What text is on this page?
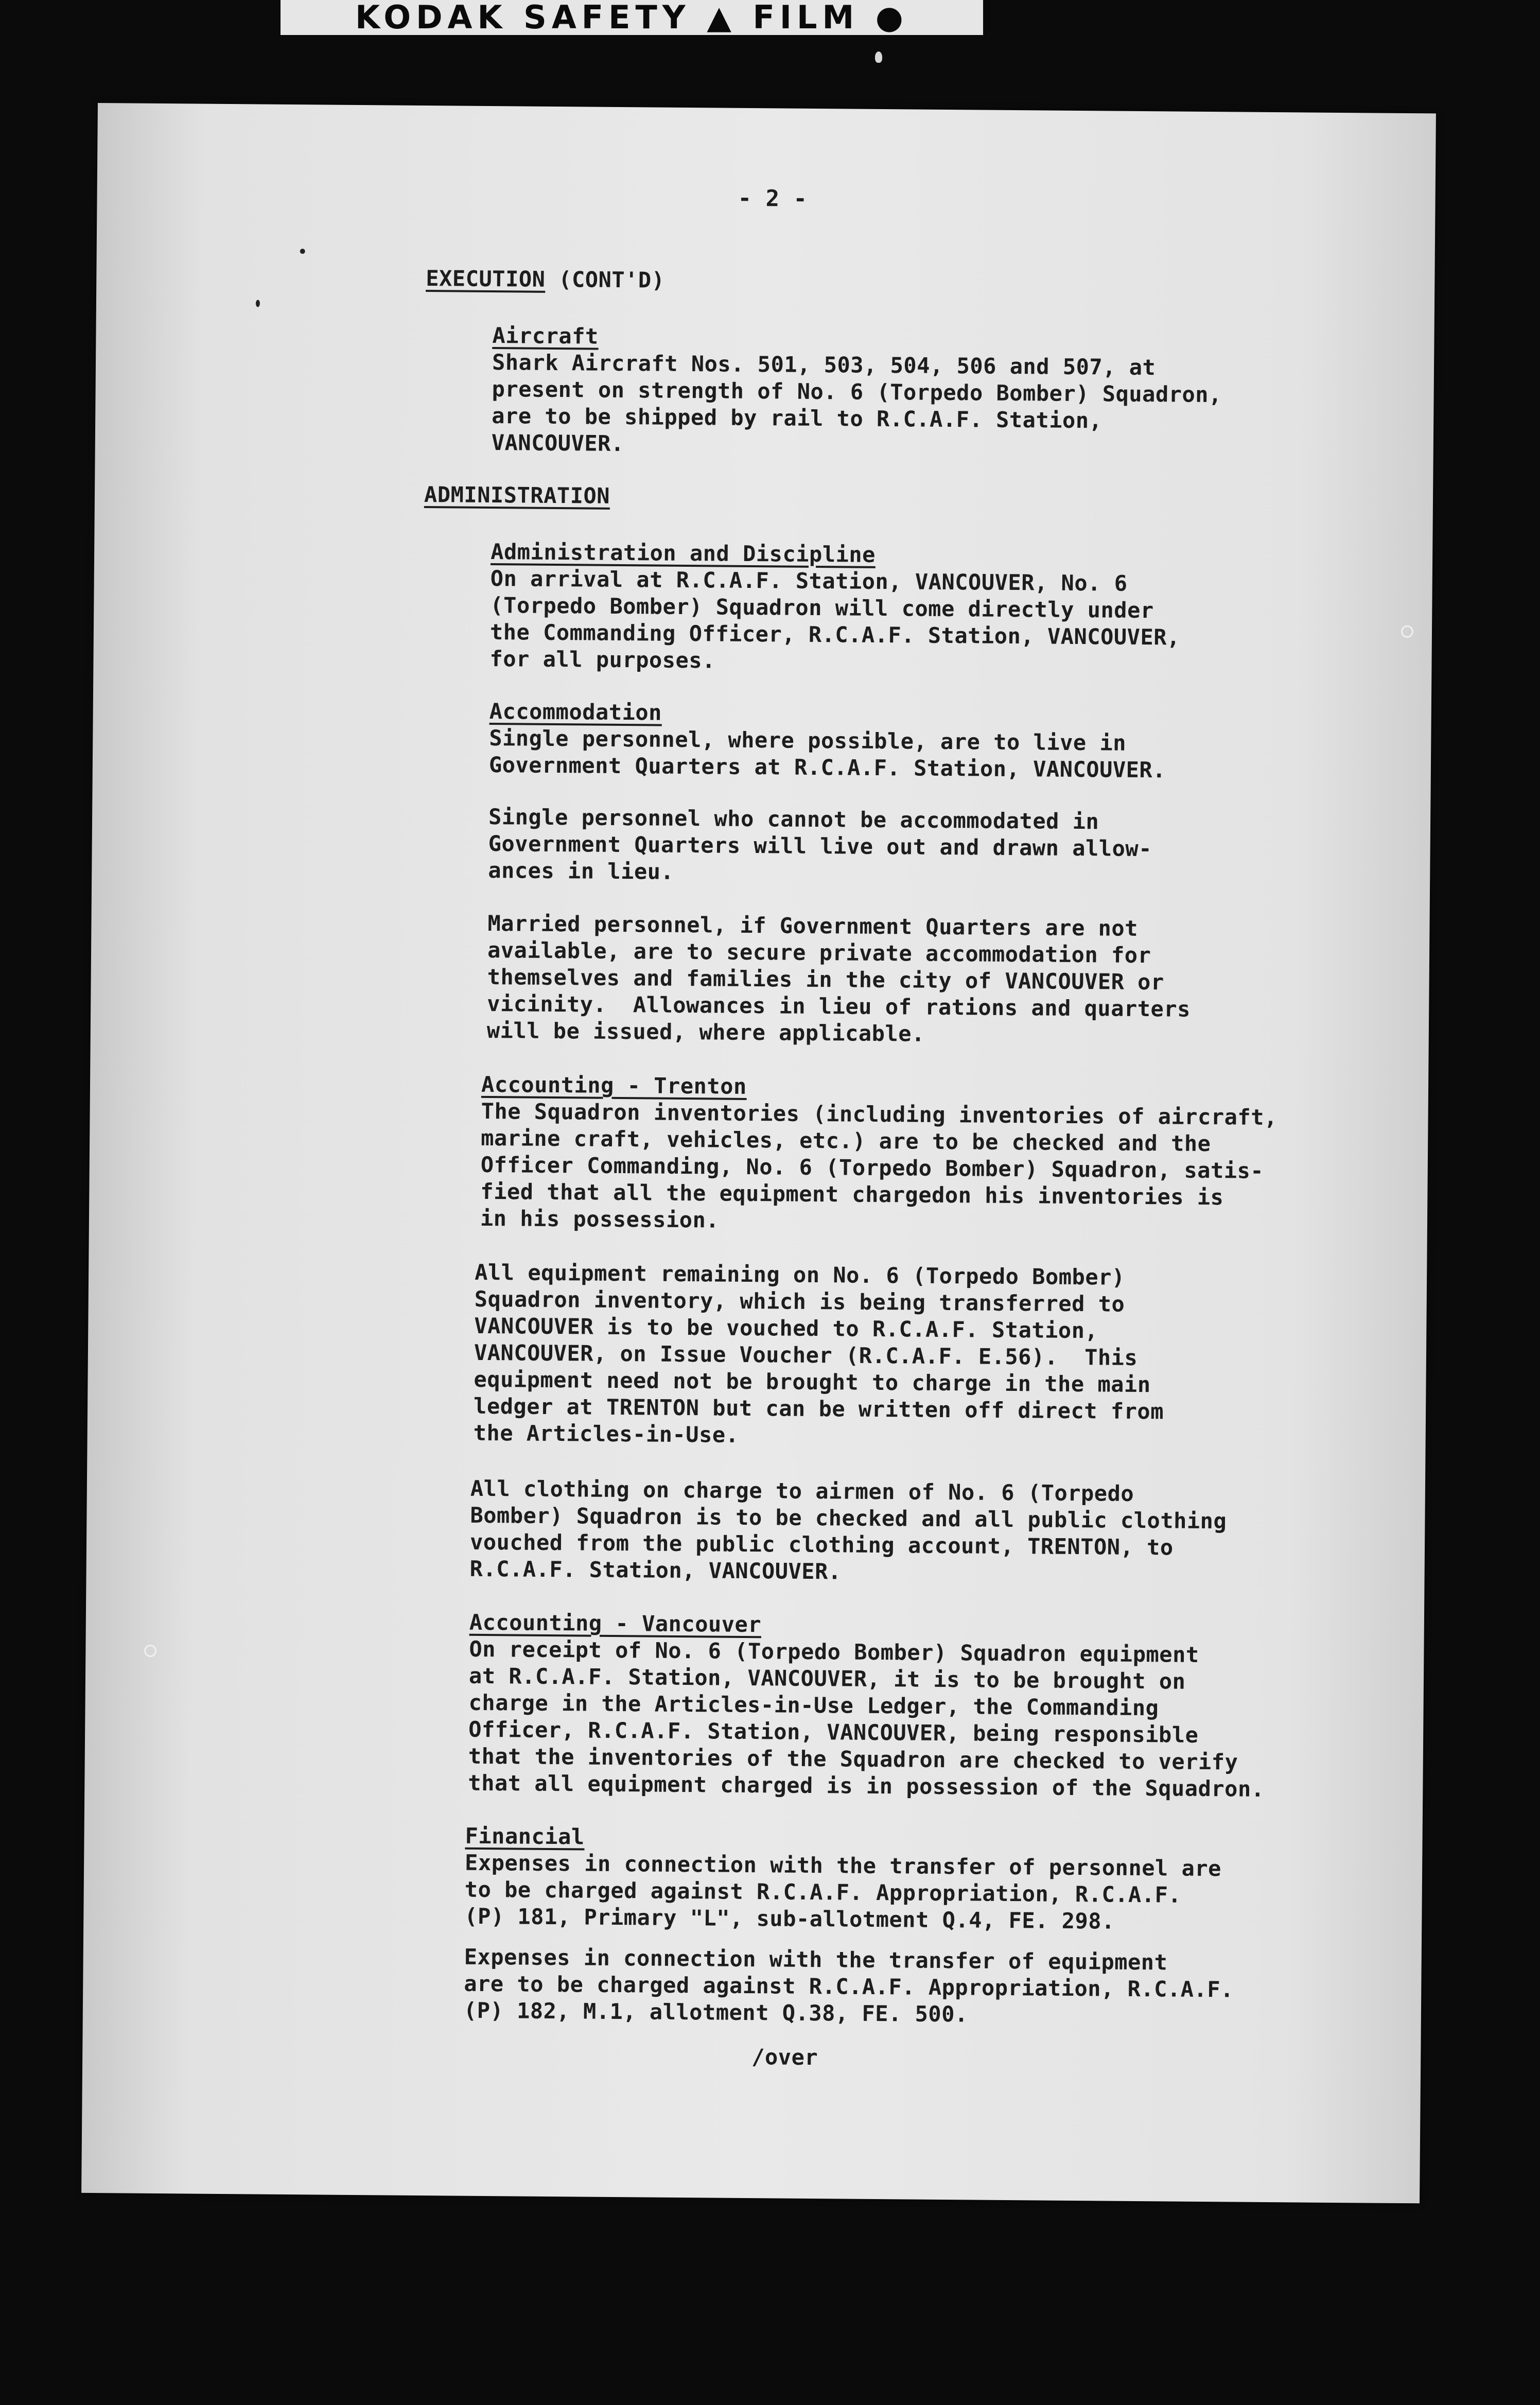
KODAK SAFETY ▲ FILM ●
- 2 -
EXECUTION (CONT'D)
Aircraft
Shark Aircraft Nos. 501, 503, 504, 506 and 507, at
present on strength of No. 6 (Torpedo Bomber) Squadron,
are to be shipped by rail to R.C.A.F. Station,
VANCOUVER.
ADMINISTRATION
Administration and Discipline
On arrival at R.C.A.F. Station, VANCOUVER, No. 6
(Torpedo Bomber) Squadron will come directly under
the Commanding Officer, R.C.A.F. Station, VANCOUVER,
for all purposes.
Accommodation
Single personnel, where possible, are to live in
Government Quarters at R.C.A.F. Station, VANCOUVER.
Single personnel who cannot be accommodated in
Government Quarters will live out and drawn allow-
ances in lieu.
Married personnel, if Government Quarters are not
available, are to secure private accommodation for
themselves and families in the city of VANCOUVER or
vicinity.  Allowances in lieu of rations and quarters
will be issued, where applicable.
Accounting - Trenton
The Squadron inventories (including inventories of aircraft,
marine craft, vehicles, etc.) are to be checked and the
Officer Commanding, No. 6 (Torpedo Bomber) Squadron, satis-
fied that all the equipment chargedon his inventories is
in his possession.
All equipment remaining on No. 6 (Torpedo Bomber)
Squadron inventory, which is being transferred to
VANCOUVER is to be vouched to R.C.A.F. Station,
VANCOUVER, on Issue Voucher (R.C.A.F. E.56).  This
equipment need not be brought to charge in the main
ledger at TRENTON but can be written off direct from
the Articles-in-Use.
All clothing on charge to airmen of No. 6 (Torpedo
Bomber) Squadron is to be checked and all public clothing
vouched from the public clothing account, TRENTON, to
R.C.A.F. Station, VANCOUVER.
Accounting - Vancouver
On receipt of No. 6 (Torpedo Bomber) Squadron equipment
at R.C.A.F. Station, VANCOUVER, it is to be brought on
charge in the Articles-in-Use Ledger, the Commanding
Officer, R.C.A.F. Station, VANCOUVER, being responsible
that the inventories of the Squadron are checked to verify
that all equipment charged is in possession of the Squadron.
Financial
Expenses in connection with the transfer of personnel are
to be charged against R.C.A.F. Appropriation, R.C.A.F.
(P) 181, Primary "L", sub-allotment Q.4, FE. 298.
Expenses in connection with the transfer of equipment
are to be charged against R.C.A.F. Appropriation, R.C.A.F.
(P) 182, M.1, allotment Q.38, FE. 500.
/over
